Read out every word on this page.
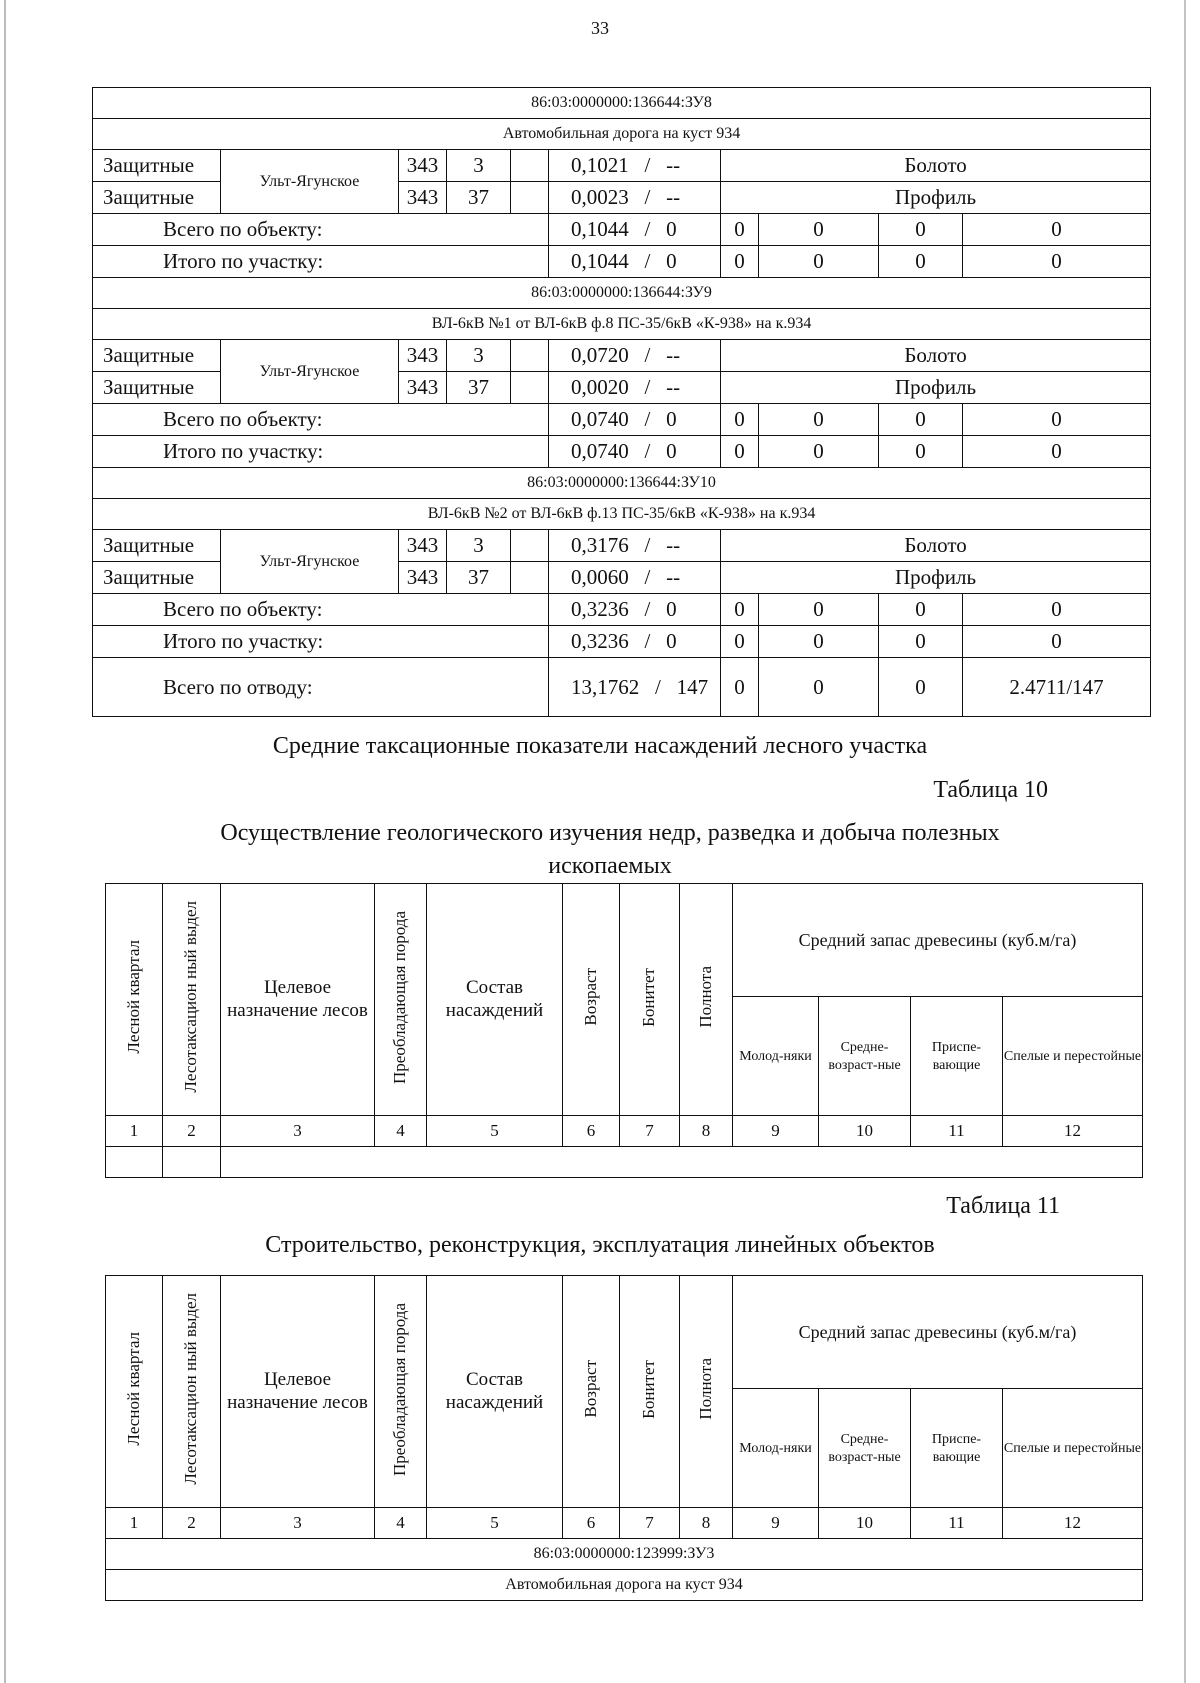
33
86:03:0000000:136644:ЗУ8									
Автомобильная дорога на куст 934									
Защитные	Ульт-Ягунское	343	3		0,1021   /   --	Болото			
Защитные		343	37		0,0023   /   --	Профиль			
Всего по объекту:					0,1044   /   0	0	0	0	0
Итого по участку:					0,1044   /   0	0	0	0	0
86:03:0000000:136644:ЗУ9									
ВЛ-6кВ №1 от ВЛ-6кВ ф.8 ПС-35/6кВ «К-938» на к.934									
Защитные	Ульт-Ягунское	343	3		0,0720   /   --	Болото			
Защитные		343	37		0,0020   /   --	Профиль			
Всего по объекту:					0,0740   /   0	0	0	0	0
Итого по участку:					0,0740   /   0	0	0	0	0
86:03:0000000:136644:ЗУ10									
ВЛ-6кВ №2 от ВЛ-6кВ ф.13 ПС-35/6кВ «К-938» на к.934									
Защитные	Ульт-Ягунское	343	3		0,3176   /   --	Болото			
Защитные		343	37		0,0060   /   --	Профиль			
Всего по объекту:					0,3236   /   0	0	0	0	0
Итого по участку:					0,3236   /   0	0	0	0	0
Всего по отводу:					13,1762   /   147	0	0	0	2.4711/147
Средние таксационные показатели насаждений лесного участка
Таблица 10
Осуществление геологического изучения недр, разведка и добыча полезных ископаемых
Лесной квартал	Лесотаксацион ный выдел	Целевое назначение лесов	Преобладающая порода	Состав насаждений	Возраст	Бонитет	Полнота	Средний запас древесины (куб.м/га)			
								Молод-няки	Средне-возраст-ные	Приспе-вающие	Спелые и перестойные
1	2	3	4	5	6	7	8	9	10	11	12

Таблица 11
Строительство, реконструкция, эксплуатация линейных объектов
Лесной квартал	Лесотаксацион ный выдел	Целевое назначение лесов	Преобладающая порода	Состав насаждений	Возраст	Бонитет	Полнота	Средний запас древесины (куб.м/га)			
								Молод-няки	Средне-возраст-ные	Приспе-вающие	Спелые и перестойные
1	2	3	4	5	6	7	8	9	10	11	12
86:03:0000000:123999:ЗУ3											
Автомобильная дорога на куст 934											
